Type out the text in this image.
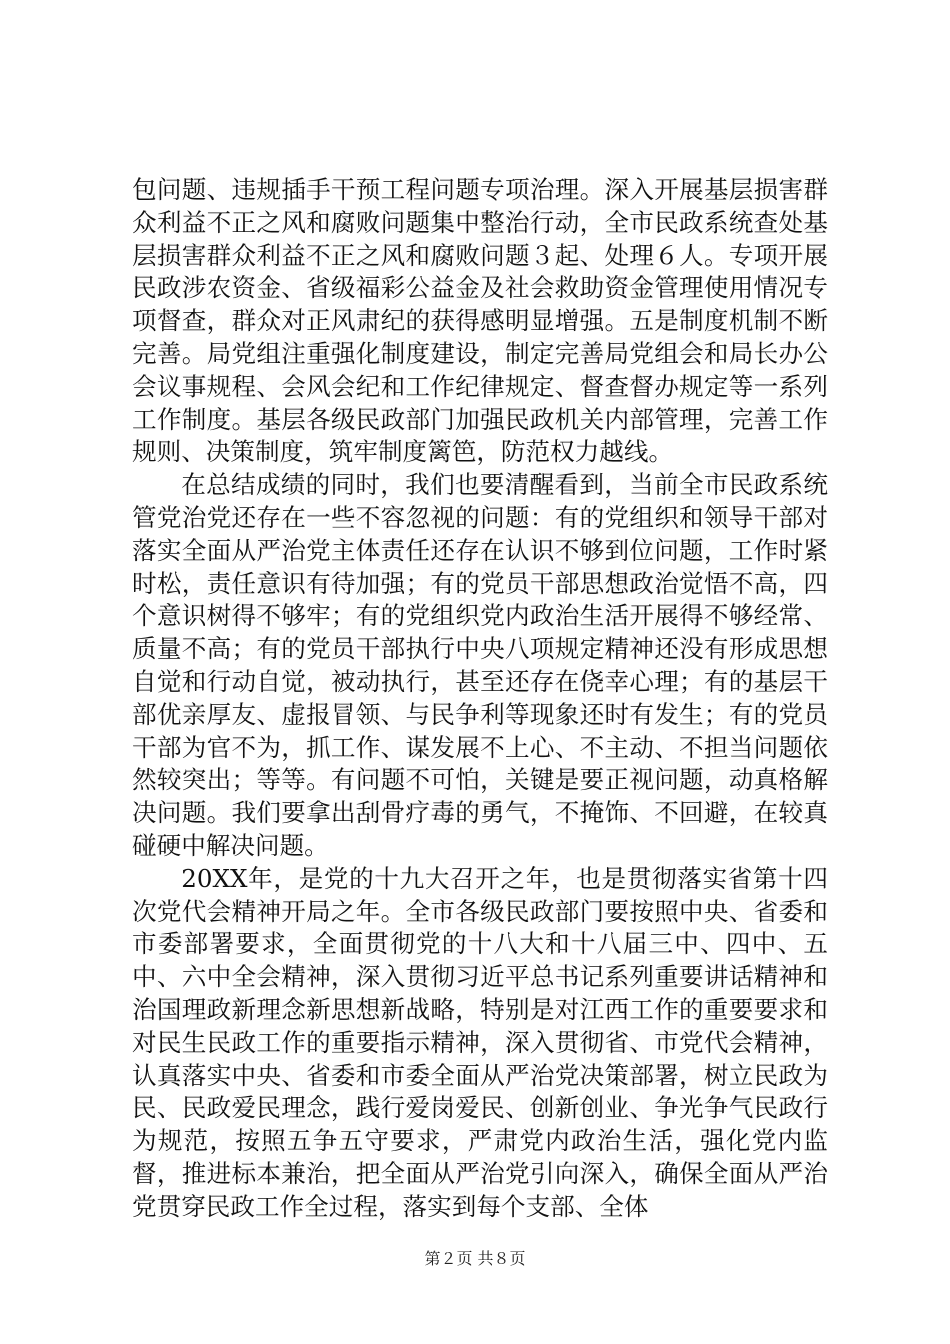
包问题、违规插手干预工程问题专项治理。深入开展基层损害群众利益不正之风和腐败问题集中整治行动，全市民政系统查处基层损害群众利益不正之风和腐败问题３起、处理６人。专项开展民政涉农资金、省级福彩公益金及社会救助资金管理使用情况专项督查，群众对正风肃纪的获得感明显增强。五是制度机制不断完善。局党组注重强化制度建设，制定完善局党组会和局长办公会议事规程、会风会纪和工作纪律规定、督查督办规定等一系列工作制度。基层各级民政部门加强民政机关内部管理，完善工作规则、决策制度，筑牢制度篱笆，防范权力越线。

在总结成绩的同时，我们也要清醒看到，当前全市民政系统管党治党还存在一些不容忽视的问题：有的党组织和领导干部对落实全面从严治党主体责任还存在认识不够到位问题，工作时紧时松，责任意识有待加强；有的党员干部思想政治觉悟不高，四个意识树得不够牢；有的党组织党内政治生活开展得不够经常、质量不高；有的党员干部执行中央八项规定精神还没有形成思想自觉和行动自觉，被动执行，甚至还存在侥幸心理；有的基层干部优亲厚友、虚报冒领、与民争利等现象还时有发生；有的党员干部为官不为，抓工作、谋发展不上心、不主动、不担当问题依然较突出；等等。有问题不可怕，关键是要正视问题，动真格解决问题。我们要拿出刮骨疗毒的勇气，不掩饰、不回避，在较真碰硬中解决问题。

20XX年，是党的十九大召开之年，也是贯彻落实省第十四次党代会精神开局之年。全市各级民政部门要按照中央、省委和市委部署要求，全面贯彻党的十八大和十八届三中、四中、五中、六中全会精神，深入贯彻习近平总书记系列重要讲话精神和治国理政新理念新思想新战略，特别是对江西工作的重要要求和对民生民政工作的重要指示精神，深入贯彻省、市党代会精神，认真落实中央、省委和市委全面从严治党决策部署，树立民政为民、民政爱民理念，践行爱岗爱民、创新创业、争光争气民政行为规范，按照五争五守要求，严肃党内政治生活，强化党内监督，推进标本兼治，把全面从严治党引向深入，确保全面从严治党贯穿民政工作全过程，落实到每个支部、全体

第２页 共８页
